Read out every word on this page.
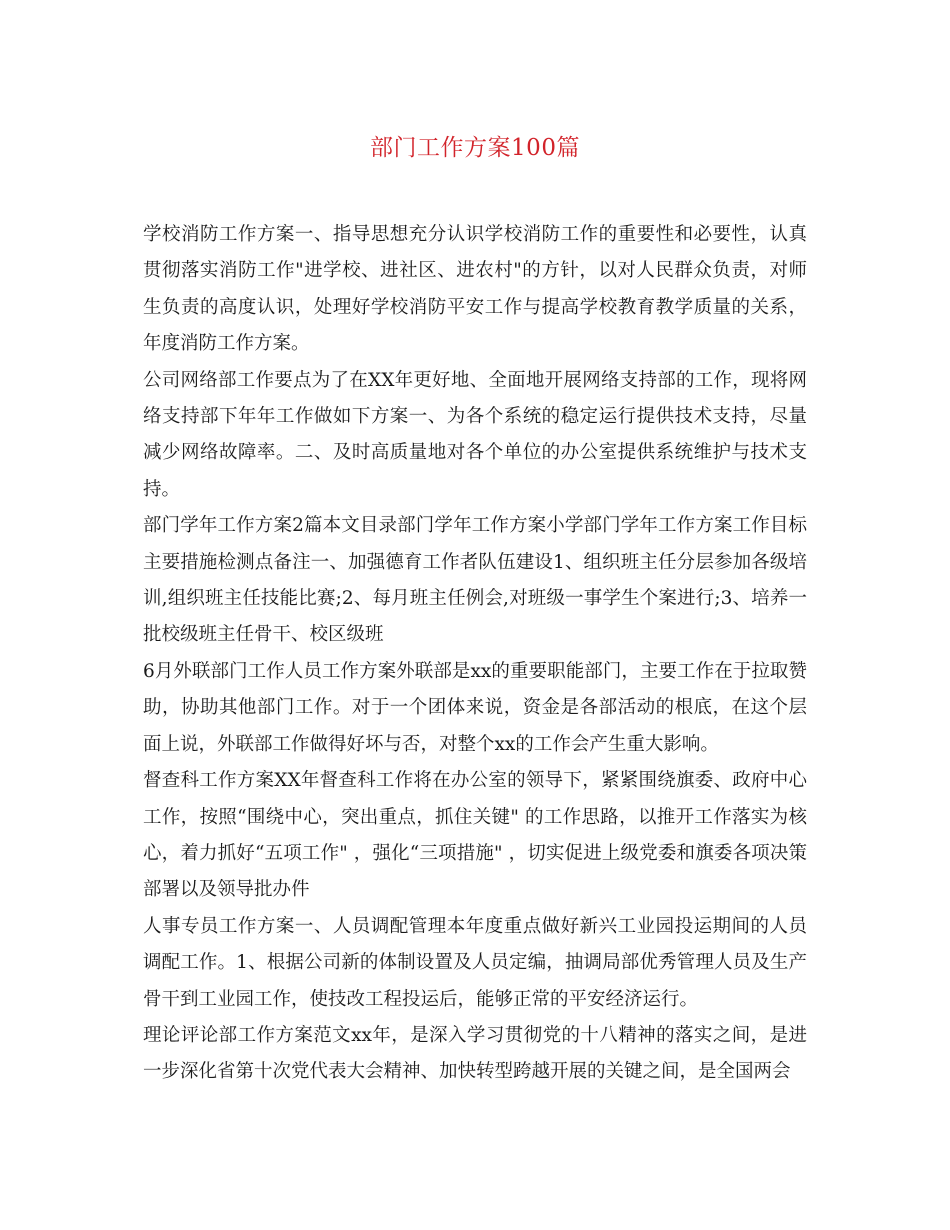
部门工作方案100篇

学校消防工作方案一、指导思想充分认识学校消防工作的重要性和必要性，认真贯彻落实消防工作"进学校、进社区、进农村"的方针，以对人民群众负责，对师生负责的高度认识，处理好学校消防平安工作与提高学校教育教学质量的关系，年度消防工作方案。

公司网络部工作要点为了在XX年更好地、全面地开展网络支持部的工作，现将网络支持部下年年工作做如下方案一、为各个系统的稳定运行提供技术支持，尽量减少网络故障率。二、及时高质量地对各个单位的办公室提供系统维护与技术支持。

部门学年工作方案2篇本文目录部门学年工作方案小学部门学年工作方案工作目标主要措施检测点备注一、加强德育工作者队伍建设1、组织班主任分层参加各级培训,组织班主任技能比赛;2、每月班主任例会,对班级一事学生个案进行;3、培养一批校级班主任骨干、校区级班

6月外联部门工作人员工作方案外联部是xx的重要职能部门，主要工作在于拉取赞助，协助其他部门工作。对于一个团体来说，资金是各部活动的根底，在这个层面上说，外联部工作做得好坏与否，对整个xx的工作会产生重大影响。

督查科工作方案XX年督查科工作将在办公室的领导下，紧紧围绕旗委、政府中心工作，按照“围绕中心，突出重点，抓住关键" 的工作思路，以推开工作落实为核心，着力抓好“五项工作" ，强化“三项措施" ，切实促进上级党委和旗委各项决策部署以及领导批办件

人事专员工作方案一、人员调配管理本年度重点做好新兴工业园投运期间的人员调配工作。1、根据公司新的体制设置及人员定编，抽调局部优秀管理人员及生产骨干到工业园工作，使技改工程投运后，能够正常的平安经济运行。

理论评论部工作方案范文xx年，是深入学习贯彻党的十八精神的落实之间，是进一步深化省第十次党代表大会精神、加快转型跨越开展的关键之间，是全国两会
